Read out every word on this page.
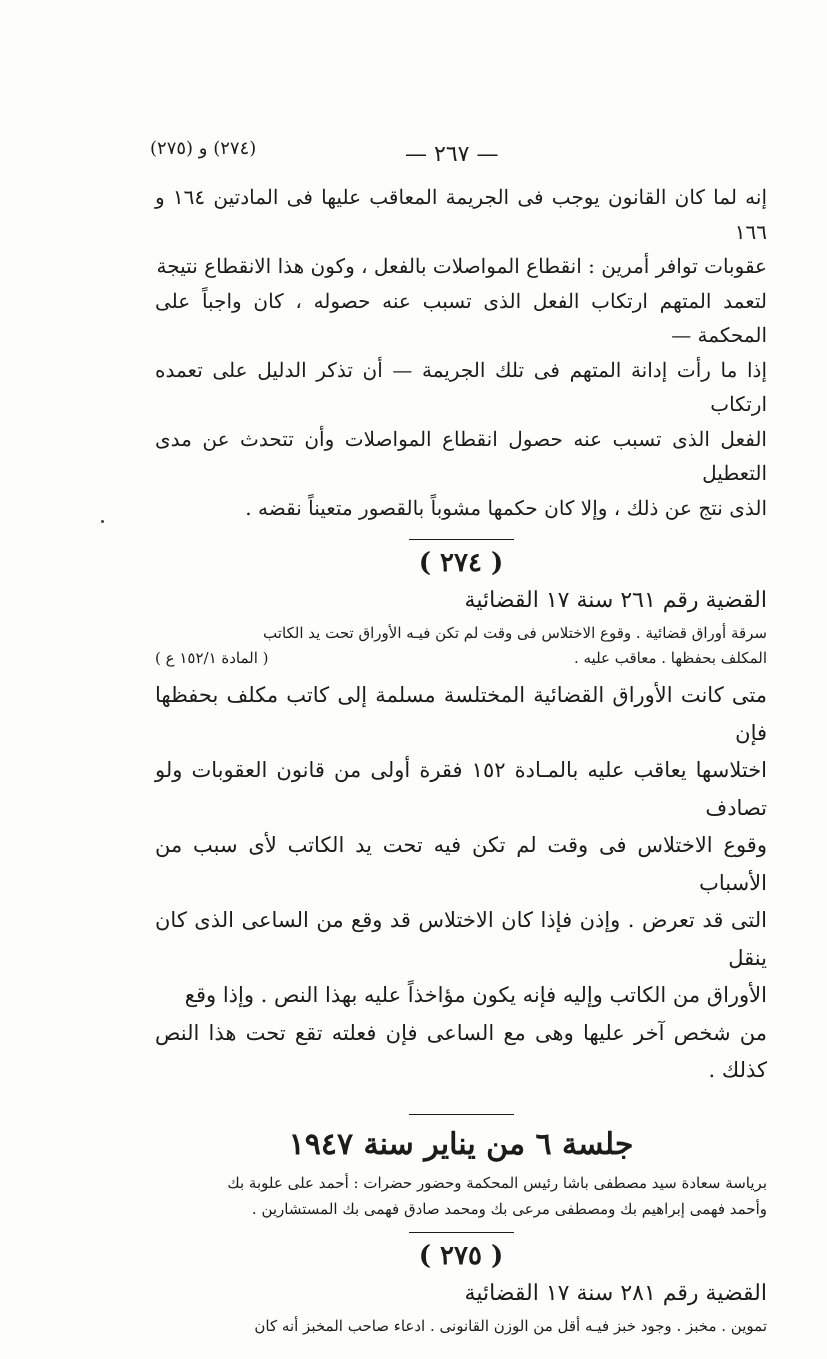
— ٢٦٧ —
(٢٧٤) و (٢٧٥)
إنه لما كان القانون يوجب فى الجريمة المعاقب عليها فى المادتين ١٦٤ و ١٦٦
عقوبات توافر أمرين : انقطاع المواصلات بالفعل ، وكون هذا الانقطاع نتيجة
لتعمد المتهم ارتكاب الفعل الذى تسبب عنه حصوله ، كان واجباً على المحكمة —
إذا ما رأت إدانة المتهم فى تلك الجريمة — أن تذكر الدليل على تعمده ارتكاب
الفعل الذى تسبب عنه حصول انقطاع المواصلات وأن تتحدث عن مدى التعطيل
الذى نتج عن ذلك ، وإلا كان حكمها مشوباً بالقصور متعيناً نقضه .
( ٢٧٤ )
القضية رقم ٢٦١ سنة ١٧ القضائية
سرقة أوراق قضائية . وقوع الاختلاس فى وقت لم تكن فيـه الأوراق تحت يد الكاتب
المكلف بحفظها . معاقب عليه .
( المادة ١٥٢/١ ع )
متى كانت الأوراق القضائية المختلسة مسلمة إلى كاتب مكلف بحفظها فإن
اختلاسها يعاقب عليه بالمـادة ١٥٢ فقرة أولى من قانون العقوبات ولو تصادف
وقوع الاختلاس فى وقت لم تكن فيه تحت يد الكاتب لأى سبب من الأسباب
التى قد تعرض . وإذن فإذا كان الاختلاس قد وقع من الساعى الذى كان ينقل
الأوراق من الكاتب وإليه فإنه يكون مؤاخذاً عليه بهذا النص . وإذا وقع
من شخص آخر عليها وهى مع الساعى فإن فعلته تقع تحت هذا النص كذلك .
جلسة ٦ من يناير سنة ١٩٤٧
برياسة سعادة سيد مصطفى باشا رئيس المحكمة وحضور حضرات : أحمد على علوبة بك
وأحمد فهمى إبراهيم بك ومصطفى مرعى بك ومحمد صادق فهمى بك المستشارين .
( ٢٧٥ )
القضية رقم ٢٨١ سنة ١٧ القضائية
تموين . مخبز . وجود خبز فيـه أقل من الوزن القانونى . ادعاء صاحب المخبز أنه كان
